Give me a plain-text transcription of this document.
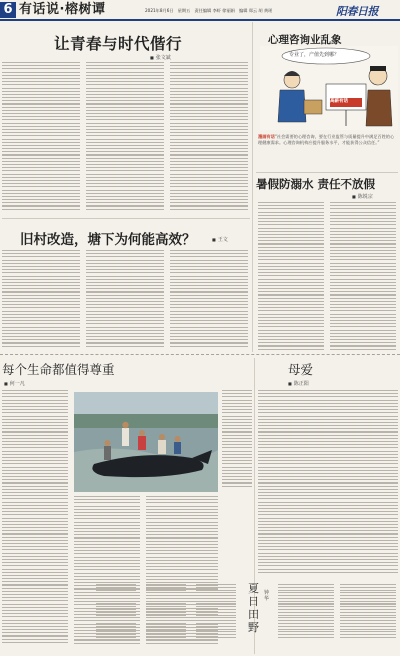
6 有话说·榕树谭	2021年8月6日　星期五　责任编辑 李虾 徐丽娟　编辑 郑云 胡 黄瑶	阳春日报
让青春与时代偕行
■ 张文斌
心理咨询业乱象
专业了，产值先到哪？
高薪有话
漫画有话“社会需要的心理咨询，要在行业监管与质量提升中满足百姓的心理健康需求。心理咨询机构应提升服务水平，才能获得公众信任。”
暑假防溺水 责任不放假
■ 陈锐宗
旧村改造，塘下为何能高效？
■	王文
每个生命都值得尊重
■ 何一凡
母爱
■ 陈正阳
夏日田野
钟华
